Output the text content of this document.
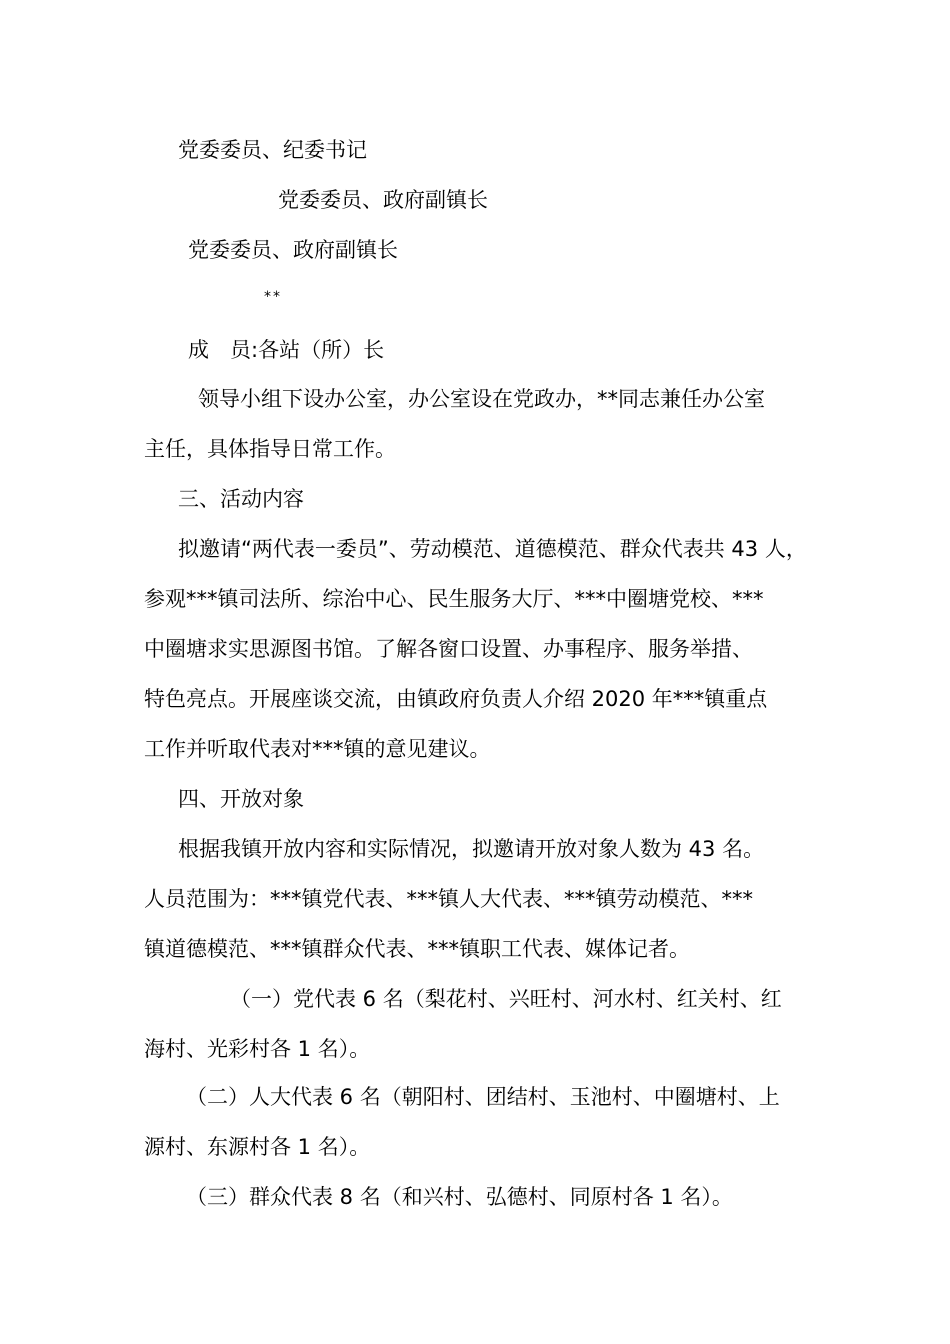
党委委员、纪委书记
党委委员、政府副镇长
党委委员、政府副镇长
**
成　员:各站（所）长
领导小组下设办公室，办公室设在党政办，**同志兼任办公室
主任，具体指导日常工作。
三、活动内容
拟邀请“两代表一委员”、劳动模范、道德模范、群众代表共 43 人，
参观***镇司法所、综治中心、民生服务大厅、***中圈塘党校、***
中圈塘求实思源图书馆。了解各窗口设置、办事程序、服务举措、
特色亮点。开展座谈交流，由镇政府负责人介绍 2020 年***镇重点
工作并听取代表对***镇的意见建议。
四、开放对象
根据我镇开放内容和实际情况，拟邀请开放对象人数为 43 名。
人员范围为：***镇党代表、***镇人大代表、***镇劳动模范、***
镇道德模范、***镇群众代表、***镇职工代表、媒体记者。
（一）党代表 6 名（梨花村、兴旺村、河水村、红关村、红
海村、光彩村各 1 名）。
（二）人大代表 6 名（朝阳村、团结村、玉池村、中圈塘村、上
源村、东源村各 1 名）。
（三）群众代表 8 名（和兴村、弘德村、同原村各 1 名）。
